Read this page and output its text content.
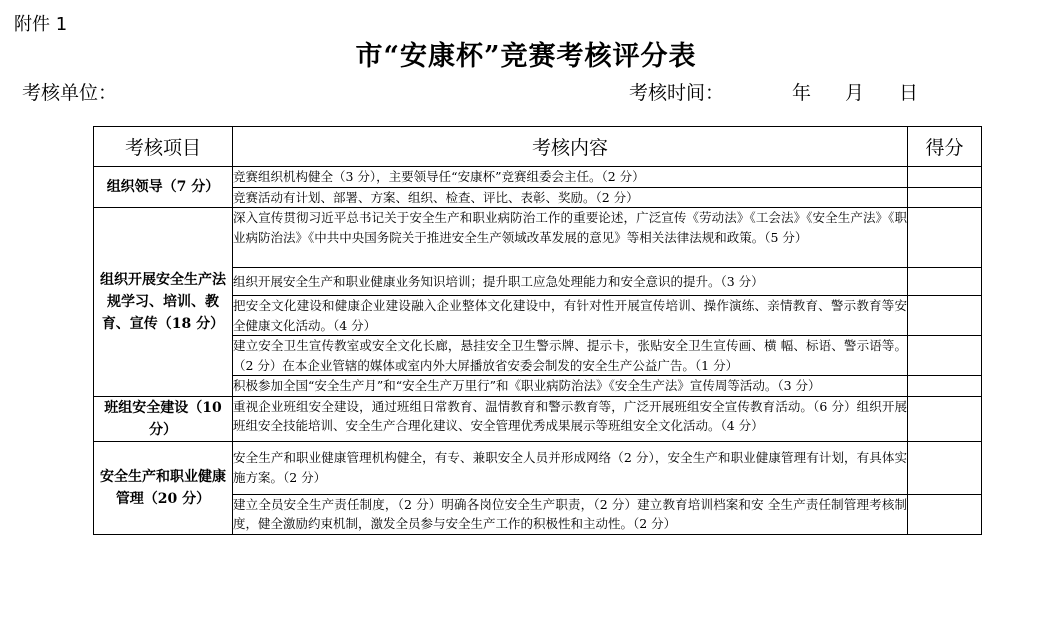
附件 1
市“安康杯”竞赛考核评分表
考核单位：	考核时间：	年 月 日
考核项目	考核内容	得分
组织领导（7 分）	竞赛组织机构健全（3 分），主要领导任“安康杯”竞赛组委会主任。（2 分）	
	竞赛活动有计划、部署、方案、组织、检查、评比、表彰、奖励。（2 分）	
组织开展安全生产法规学习、培训、教育、宣传（18 分）	深入宣传贯彻习近平总书记关于安全生产和职业病防治工作的重要论述，广泛宣传《劳动法》《工会法》《安全生产法》《职业病防治法》《中共中央国务院关于推进安全生产领域改革发展的意见》等相关法律法规和政策。（5 分）	
	组织开展安全生产和职业健康业务知识培训；提升职工应急处理能力和安全意识的提升。（3 分）	
	把安全文化建设和健康企业建设融入企业整体文化建设中，有针对性开展宣传培训、操作演练、亲情教育、警示教育等安全健康文化活动。（4 分）	
	建立安全卫生宣传教室或安全文化长廊，悬挂安全卫生警示牌、提示卡，张贴安全卫生宣传画、横 幅、标语、警示语等。（2 分）在本企业管辖的媒体或室内外大屏播放省安委会制发的安全生产公益广告。（1 分）	
	积极参加全国“安全生产月”和“安全生产万里行”和《职业病防治法》《安全生产法》宣传周等活动。（3 分）	
班组安全建设（10 分）	重视企业班组安全建设，通过班组日常教育、温情教育和警示教育等，广泛开展班组安全宣传教育活动。（6 分）组织开展班组安全技能培训、安全生产合理化建议、安全管理优秀成果展示等班组安全文化活动。（4 分）	
安全生产和职业健康管理（20 分）	安全生产和职业健康管理机构健全，有专、兼职安全人员并形成网络（2 分），安全生产和职业健康管理有计划，有具体实施方案。（2 分）	
	建立全员安全生产责任制度，（2 分）明确各岗位安全生产职责，（2 分）建立教育培训档案和安 全生产责任制管理考核制度，健全激励约束机制，激发全员参与安全生产工作的积极性和主动性。（2 分）	
